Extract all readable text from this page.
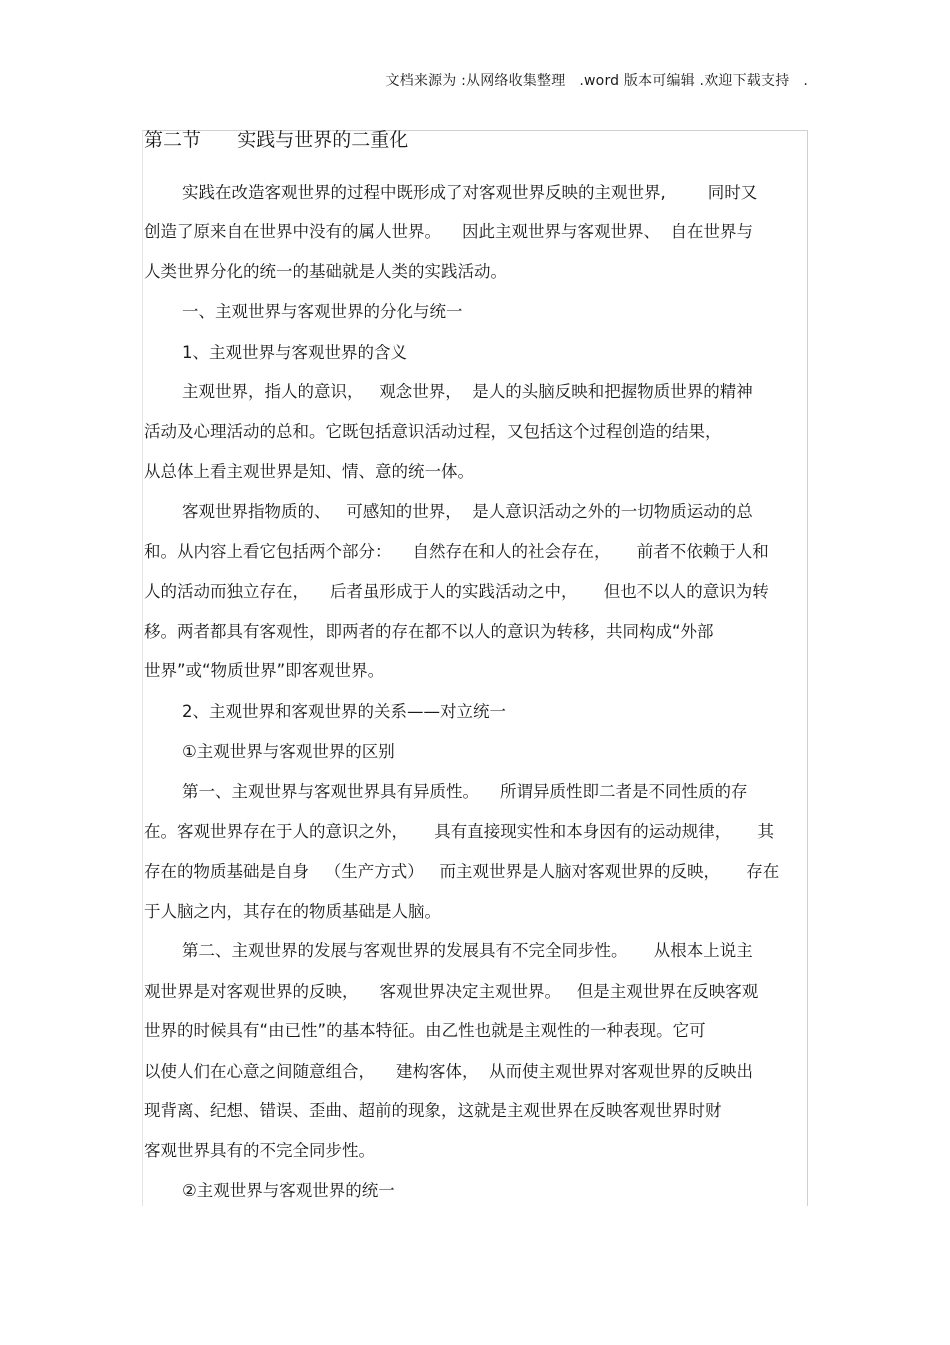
文档来源为 :从网络收集整理   .word 版本可编辑 .欢迎下载支持   .
第二节      实践与世界的二重化
实践在改造客观世界的过程中既形成了对客观世界反映的主观世界,        同时又
创造了原来自在世界中没有的属人世界。    因此主观世界与客观世界、  自在世界与
人类世界分化的统一的基础就是人类的实践活动。
一、主观世界与客观世界的分化与统一
1、主观世界与客观世界的含义
主观世界，指人的意识，   观念世界，  是人的头脑反映和把握物质世界的精神
活动及心理活动的总和。它既包括意识活动过程，又包括这个过程创造的结果，
从总体上看主观世界是知、情、意的统一体。
客观世界指物质的、   可感知的世界，  是人意识活动之外的一切物质运动的总
和。从内容上看它包括两个部分：    自然存在和人的社会存在，     前者不依赖于人和
人的活动而独立存在，    后者虽形成于人的实践活动之中，     但也不以人的意识为转
移。两者都具有客观性，即两者的存在都不以人的意识为转移，共同构成“外部
世界”或“物质世界”即客观世界。
2、主观世界和客观世界的关系——对立统一
①主观世界与客观世界的区别
第一、主观世界与客观世界具有异质性。    所谓异质性即二者是不同性质的存
在。客观世界存在于人的意识之外，     具有直接现实性和本身因有的运动规律，     其
存在的物质基础是自身   （生产方式）   而主观世界是人脑对客观世界的反映，     存在
于人脑之内，其存在的物质基础是人脑。
第二、主观世界的发展与客观世界的发展具有不完全同步性。     从根本上说主
观世界是对客观世界的反映，    客观世界决定主观世界。   但是主观世界在反映客观
世界的时候具有“由已性”的基本特征。由乙性也就是主观性的一种表现。它可
以使人们在心意之间随意组合，    建构客体，  从而使主观世界对客观世界的反映出
现背离、纪想、错误、歪曲、超前的现象，这就是主观世界在反映客观世界时财
客观世界具有的不完全同步性。
②主观世界与客观世界的统一
